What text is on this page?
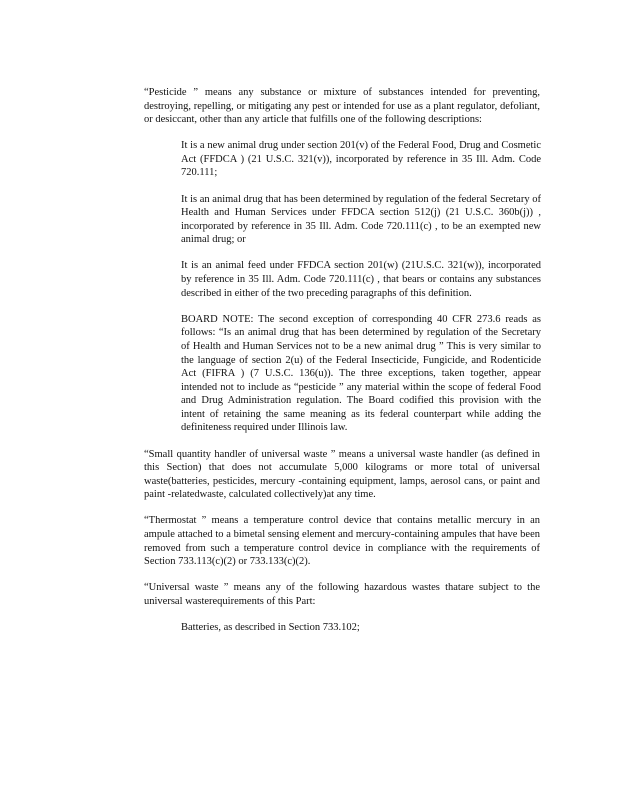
“Pesticide ” means any substance or mixture of substances intended for preventing, destroying, repelling, or mitigating any pest or intended for use as a plant regulator, defoliant, or desiccant, other than any article that fulfills one of the following descriptions:

It is a new animal drug under section 201(v) of the Federal Food, Drug and Cosmetic Act (FFDCA ) (21 U.S.C. 321(v)), incorporated by reference in 35 Ill. Adm. Code 720.111;

It is an animal drug that has been determined by regulation of the federal Secretary of Health and Human Services under FFDCA section 512(j) (21 U.S.C. 360b(j)) , incorporated by reference in 35 Ill. Adm. Code 720.111(c) , to be an exempted new animal drug; or

It is an animal feed under FFDCA section 201(w) (21U.S.C. 321(w)), incorporated by reference in 35 Ill. Adm. Code 720.111(c) , that bears or contains any substances described in either of the two preceding paragraphs of this definition.

BOARD NOTE: The second exception of corresponding 40 CFR 273.6 reads as follows: “Is an animal drug that has been determined by regulation of the Secretary of Health and Human Services not to be a new animal drug ” This is very similar to the language of section 2(u) of the Federal Insecticide, Fungicide, and Rodenticide Act (FIFRA ) (7 U.S.C. 136(u)). The three exceptions, taken together, appear intended not to include as “pesticide ” any material within the scope of federal Food and Drug Administration regulation. The Board codified this provision with the intent of retaining the same meaning as its federal counterpart while adding the definiteness required under Illinois law.

“Small quantity handler of universal waste ” means a universal waste handler (as defined in this Section) that does not accumulate 5,000 kilograms or more total of universal waste(batteries, pesticides, mercury -containing equipment, lamps, aerosol cans, or paint and paint -relatedwaste, calculated collectively)at any time.

“Thermostat ” means a temperature control device that contains metallic mercury in an ampule attached to a bimetal sensing element and mercury-containing ampules that have been removed from such a temperature control device in compliance with the requirements of Section 733.113(c)(2) or 733.133(c)(2).

“Universal waste ” means any of the following hazardous wastes thatare subject to the universal wasterequirements of this Part:

Batteries, as described in Section 733.102;
